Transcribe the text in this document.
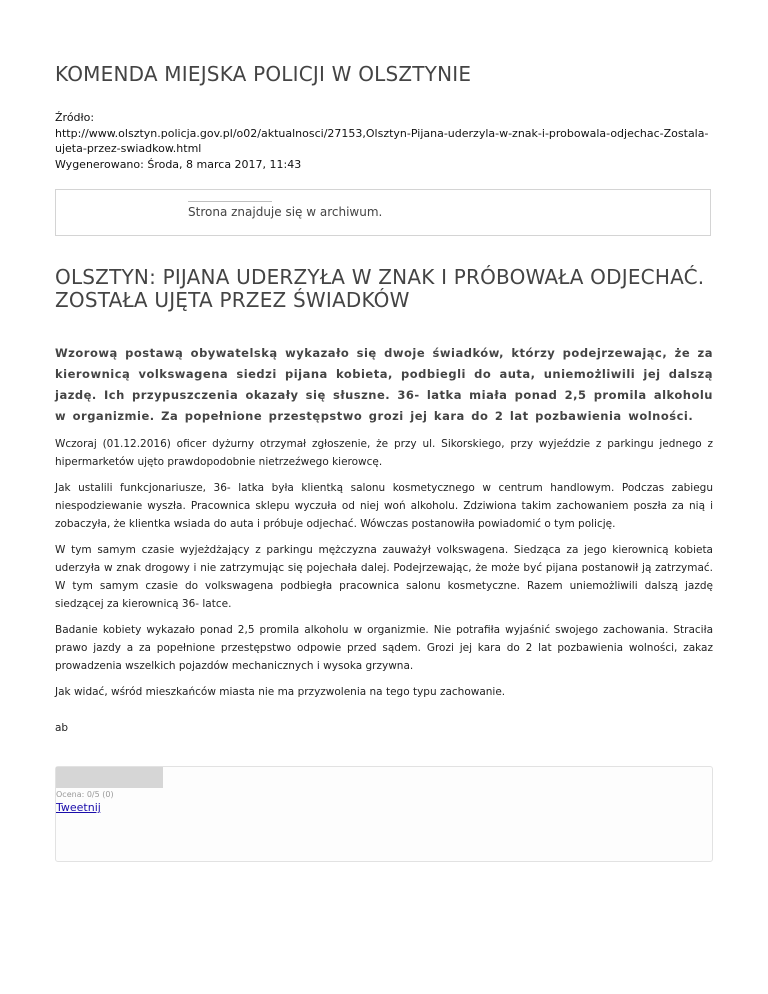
KOMENDA MIEJSKA POLICJI W OLSZTYNIE
Źródło:
http://www.olsztyn.policja.gov.pl/o02/aktualnosci/27153,Olsztyn-Pijana-uderzyla-w-znak-i-probowala-odjechac-Zostala-ujeta-przez-swiadkow.html
Wygenerowano: Środa, 8 marca 2017, 11:43
Strona znajduje się w archiwum.
OLSZTYN: PIJANA UDERZYŁA W ZNAK I PRÓBOWAŁA ODJECHAĆ. ZOSTAŁA UJĘTA PRZEZ ŚWIADKÓW

Wzorową postawą obywatelską wykazało się dwoje świadków, którzy podejrzewając, że za kierownicą volkswagena siedzi pijana kobieta, podbiegli do auta, uniemożliwili jej dalszą jazdę. Ich przypuszczenia okazały się słuszne. 36- latka miała ponad 2,5 promila alkoholu w organizmie. Za popełnione przestępstwo grozi jej kara do 2 lat pozbawienia wolności.

Wczoraj (01.12.2016) oficer dyżurny otrzymał zgłoszenie, że przy ul. Sikorskiego, przy wyjeździe z parkingu jednego z hipermarketów ujęto prawdopodobnie nietrzeźwego kierowcę.

Jak ustalili funkcjonariusze, 36- latka była klientką salonu kosmetycznego w centrum handlowym. Podczas zabiegu niespodziewanie wyszła. Pracownica sklepu wyczuła od niej woń alkoholu. Zdziwiona takim zachowaniem poszła za nią i zobaczyła, że klientka wsiada do auta i próbuje odjechać. Wówczas postanowiła powiadomić o tym policję.

W tym samym czasie wyjeżdżający z parkingu mężczyzna zauważył volkswagena. Siedząca za jego kierownicą kobieta uderzyła w znak drogowy i nie zatrzymując się pojechała dalej. Podejrzewając, że może być pijana postanowił ją zatrzymać. W tym samym czasie do volkswagena podbiegła pracownica salonu kosmetyczne. Razem uniemożliwili dalszą jazdę siedzącej za kierownicą 36- latce.

Badanie kobiety wykazało ponad 2,5 promila alkoholu w organizmie. Nie potrafiła wyjaśnić swojego zachowania. Straciła prawo jazdy a za popełnione przestępstwo odpowie przed sądem. Grozi jej kara do 2 lat pozbawienia wolności, zakaz prowadzenia wszelkich pojazdów mechanicznych i wysoka grzywna.

Jak widać, wśród mieszkańców miasta nie ma przyzwolenia na tego typu zachowanie.

ab

Ocena: 0/5 (0)
Tweetnij
